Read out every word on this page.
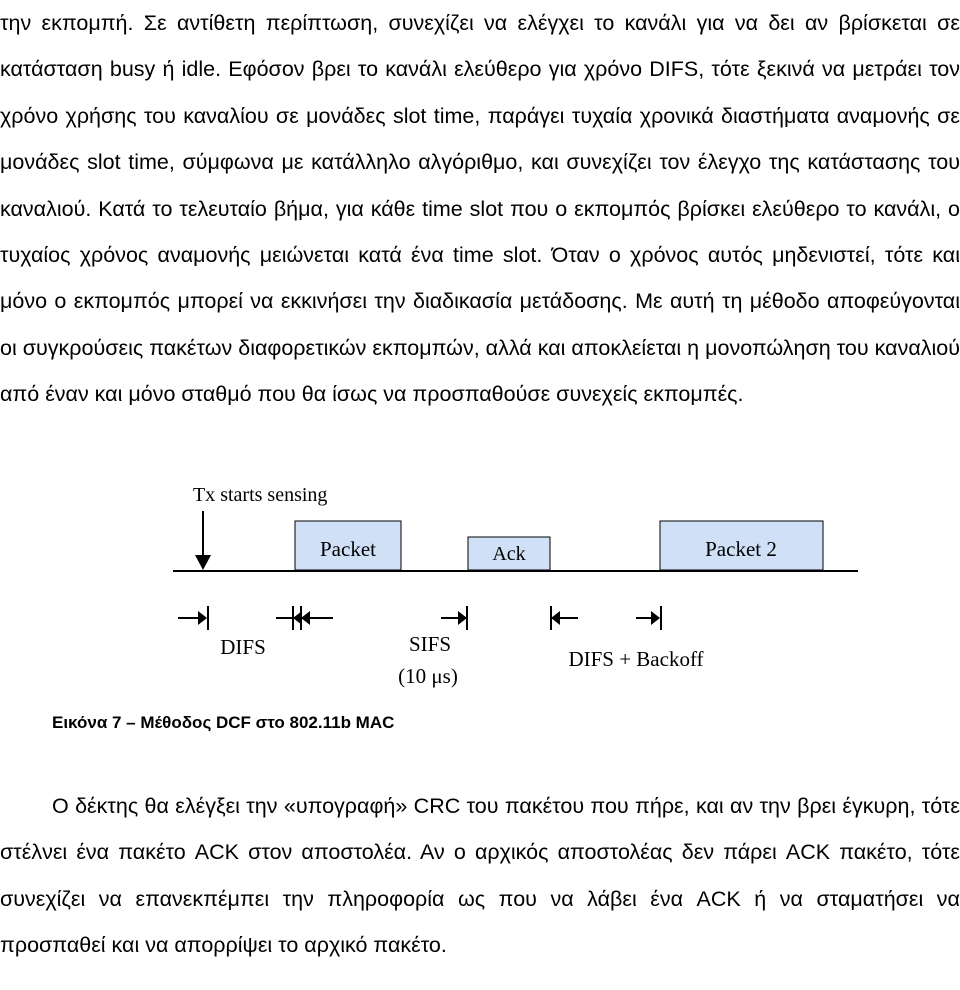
την εκπομπή. Σε αντίθετη περίπτωση, συνεχίζει να ελέγχει το κανάλι για να δει αν βρίσκεται σε κατάσταση busy ή idle. Εφόσον βρει το κανάλι ελεύθερο για χρόνο DIFS, τότε ξεκινά να μετράει τον χρόνο χρήσης του καναλίου σε μονάδες slot time, παράγει τυχαία χρονικά διαστήματα αναμονής σε μονάδες slot time, σύμφωνα με κατάλληλο αλγόριθμο, και συνεχίζει τον έλεγχο της κατάστασης του καναλιού. Κατά το τελευταίο βήμα, για κάθε time slot που ο εκπομπός βρίσκει ελεύθερο το κανάλι, ο τυχαίος χρόνος αναμονής μειώνεται κατά ένα time slot. Όταν ο χρόνος αυτός μηδενιστεί, τότε και μόνο ο εκπομπός μπορεί να εκκινήσει την διαδικασία μετάδοσης. Με αυτή τη μέθοδο αποφεύγονται οι συγκρούσεις πακέτων διαφορετικών εκπομπών, αλλά και αποκλείεται η μονοπώληση του καναλιού από έναν και μόνο σταθμό που θα ίσως να προσπαθούσε συνεχείς εκπομπές.

Tx starts sensing
Packet	Ack	Packet 2
DIFS	SIFS
(10 μs)
DIFS + Backoff
Εικόνα 7 – Μέθοδος DCF στο 802.11b MAC

Ο δέκτης θα ελέγξει την «υπογραφή» CRC του πακέτου που πήρε, και αν την βρει έγκυρη, τότε στέλνει ένα πακέτο ACK στον αποστολέα. Αν ο αρχικός αποστολέας δεν πάρει ACK πακέτο, τότε συνεχίζει να επανεκπέμπει την πληροφορία ως που να λάβει ένα ACK ή να σταματήσει να προσπαθεί και να απορρίψει το αρχικό πακέτο.
